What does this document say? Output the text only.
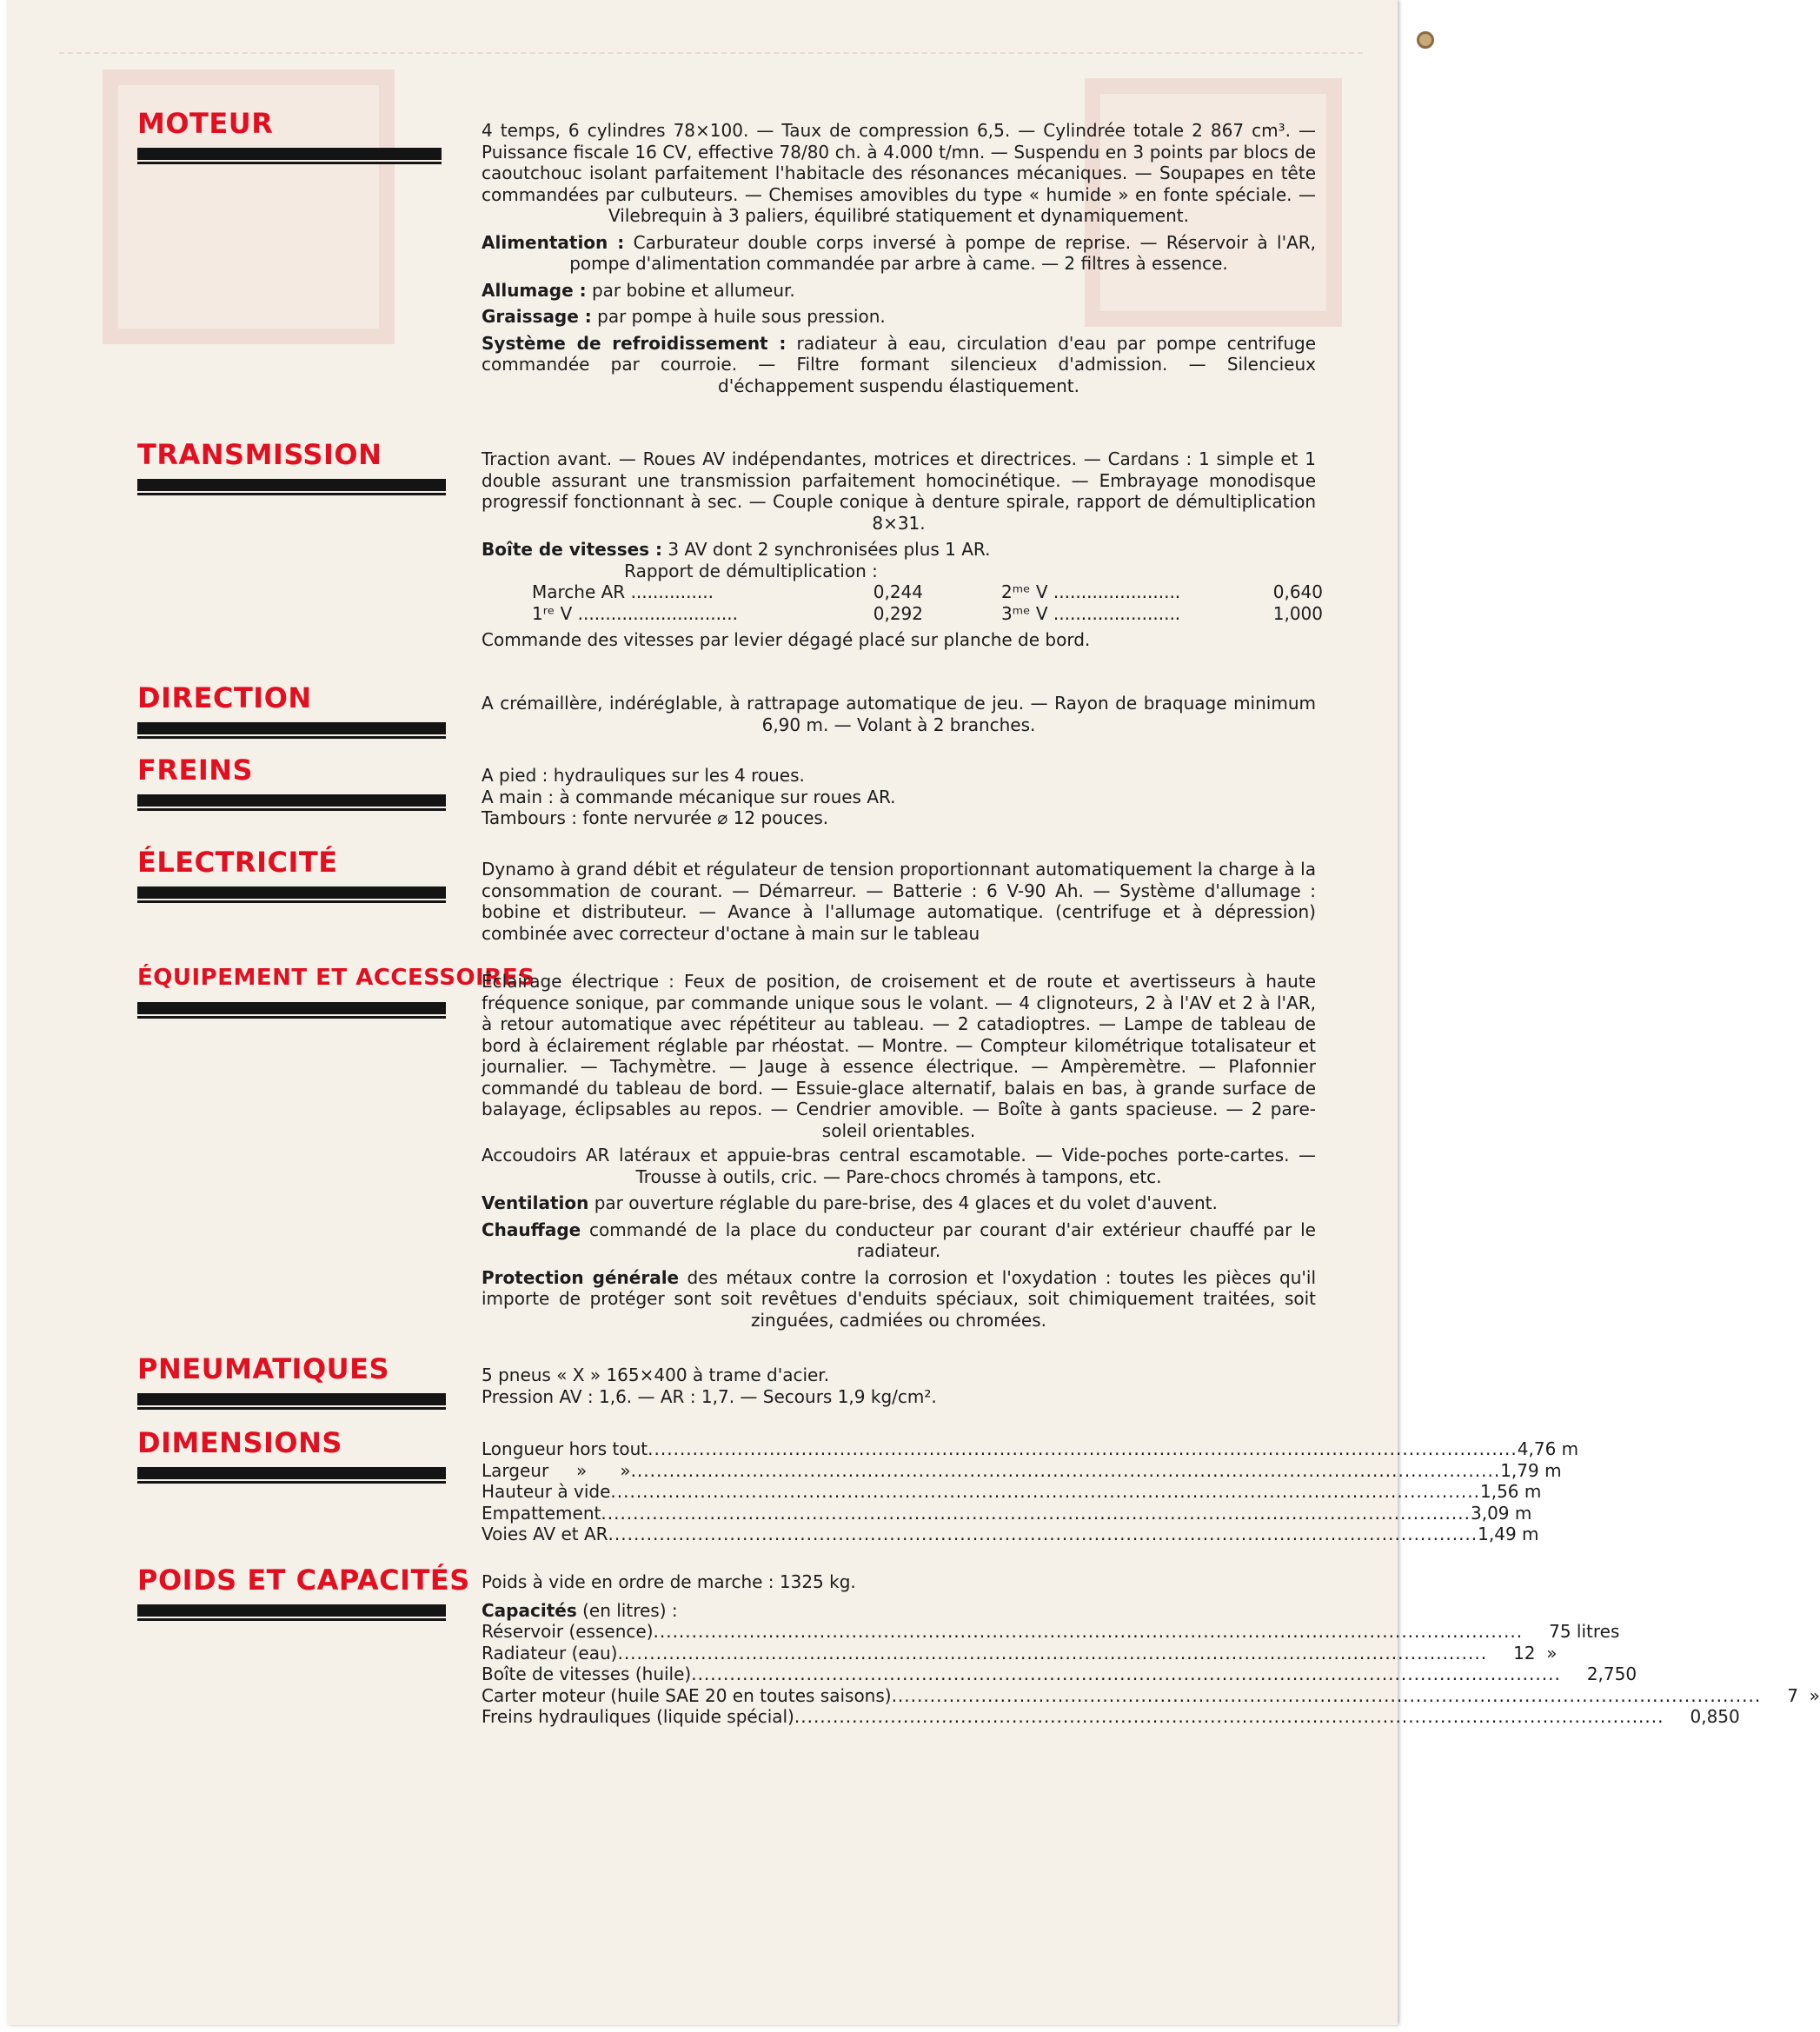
MOTEUR	4 temps, 6 cylindres 78×100. — Taux de compression 6,5. — Cylindrée totale 2 867 cm³. — Puissance fiscale 16 CV, effective 78/80 ch. à 4.000 t/mn. — Suspendu en 3 points par blocs de caoutchouc isolant parfaitement l'habitacle des résonances mécaniques. — Soupapes en tête commandées par culbuteurs. — Chemises amovibles du type « humide » en fonte spéciale. — Vilebrequin à 3 paliers, équilibré statiquement et dynamiquement.

Alimentation : Carburateur double corps inversé à pompe de reprise. — Réservoir à l'AR, pompe d'alimentation commandée par arbre à came. — 2 filtres à essence.

Allumage : par bobine et allumeur.

Graissage : par pompe à huile sous pression.

Système de refroidissement : radiateur à eau, circulation d'eau par pompe centrifuge commandée par courroie. — Filtre formant silencieux d'admission. — Silencieux d'échappement suspendu élastiquement.

TRANSMISSION	Traction avant. — Roues AV indépendantes, motrices et directrices. — Cardans : 1 simple et 1 double assurant une transmission parfaitement homocinétique. — Embrayage monodisque progressif fonctionnant à sec. — Couple conique à denture spirale, rapport de démultiplication 8×31.

Boîte de vitesses : 3 AV dont 2 synchronisées plus 1 AR.

Rapport de démultiplication :

Marche AR ...............	0,244	2ᵐᵉ V .......................	0,640
1ʳᵉ V .............................	0,292	3ᵐᵉ V .......................	1,000

Commande des vitesses par levier dégagé placé sur planche de bord.

DIRECTION	A crémaillère, indéréglable, à rattrapage automatique de jeu. — Rayon de braquage minimum 6,90 m. — Volant à 2 branches.

FREINS	A pied : hydrauliques sur les 4 roues.

A main : à commande mécanique sur roues AR.

Tambours : fonte nervurée ⌀ 12 pouces.

ÉLECTRICITÉ	Dynamo à grand débit et régulateur de tension proportionnant automatiquement la charge à la consommation de courant. — Démarreur. — Batterie : 6 V-90 Ah. — Système d'allumage : bobine et distributeur. — Avance à l'allumage automatique. (centrifuge et à dépression) combinée avec correcteur d'octane à main sur le tableau

ÉQUIPEMENT ET ACCESSOIRES

Éclairage électrique : Feux de position, de croisement et de route et avertisseurs à haute fréquence sonique, par commande unique sous le volant. — 4 clignoteurs, 2 à l'AV et 2 à l'AR, à retour automatique avec répétiteur au tableau. — 2 catadioptres. — Lampe de tableau de bord à éclairement réglable par rhéostat. — Montre. — Compteur kilométrique totalisateur et journalier. — Tachymètre. — Jauge à essence électrique. — Ampèremètre. — Plafonnier commandé du tableau de bord. — Essuie-glace alternatif, balais en bas, à grande surface de balayage, éclipsables au repos. — Cendrier amovible. — Boîte à gants spacieuse. — 2 pare-soleil orientables.

Accoudoirs AR latéraux et appuie-bras central escamotable. — Vide-poches porte-cartes. — Trousse à outils, cric. — Pare-chocs chromés à tampons, etc.

Ventilation par ouverture réglable du pare-brise, des 4 glaces et du volet d'auvent.

Chauffage commandé de la place du conducteur par courant d'air extérieur chauffé par le radiateur.

Protection générale des métaux contre la corrosion et l'oxydation : toutes les pièces qu'il importe de protéger sont soit revêtues d'enduits spéciaux, soit chimiquement traitées, soit zinguées, cadmiées ou chromées.

PNEUMATIQUES	5 pneus « X » 165×400 à trame d'acier.

Pression AV : 1,6. — AR : 1,7. — Secours 1,9 kg/cm².

DIMENSIONS	Longueur hors tout ........................................................................................................................................ 4,76 m
Largeur     »      » ........................................................................................................................................ 1,79 m
Hauteur à vide ........................................................................................................................................ 1,56 m
Empattement ........................................................................................................................................ 3,09 m
Voies AV et AR ........................................................................................................................................ 1,49 m
POIDS ET CAPACITÉS Poids à vide en ordre de marche : 1325 kg.

Capacités (en litres) :

Réservoir (essence) ........................................................................................................................................	75 litres
Radiateur (eau) ........................................................................................................................................	12  »
Boîte de vitesses (huile) ........................................................................................................................................	2,750
Carter moteur (huile SAE 20 en toutes saisons) ........................................................................................................................................	7  »
Freins hydrauliques (liquide spécial) ........................................................................................................................................	0,850
